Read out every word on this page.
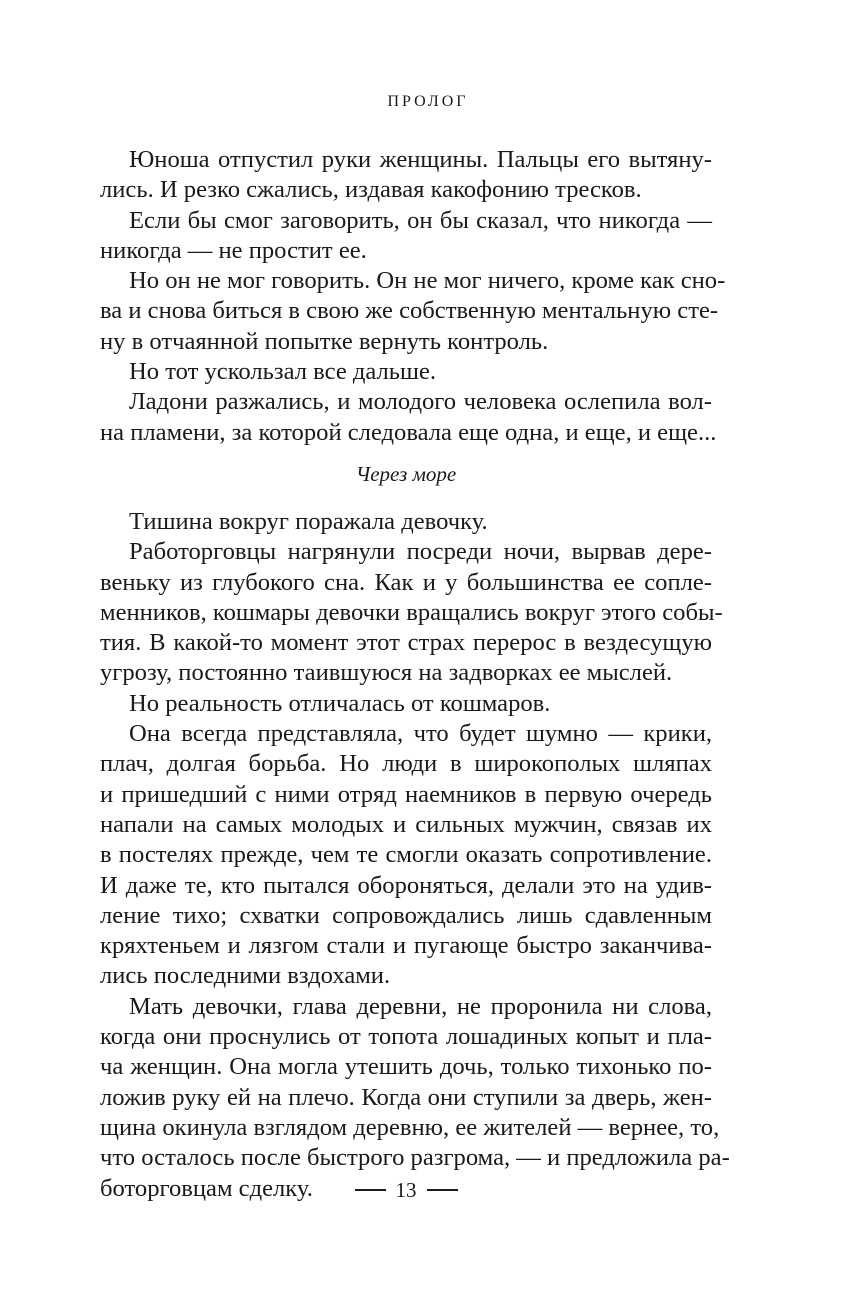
ПРОЛОГ
Юноша отпустил руки женщины. Пальцы его вытяну-
лись. И резко сжались, издавая какофонию тресков.
Если бы смог заговорить, он бы сказал, что никогда —
никогда — не простит ее.
Но он не мог говорить. Он не мог ничего, кроме как сно-
ва и снова биться в свою же собственную ментальную сте-
ну в отчаянной попытке вернуть контроль.
Но тот ускользал все дальше.
Ладони разжались, и молодого человека ослепила вол-
на пламени, за которой следовала еще одна, и еще, и еще...
Через море
Тишина вокруг поражала девочку.
Работорговцы нагрянули посреди ночи, вырвав дере-
веньку из глубокого сна. Как и у большинства ее сопле-
менников, кошмары девочки вращались вокруг этого собы-
тия. В какой-то момент этот страх перерос в вездесущую
угрозу, постоянно таившуюся на задворках ее мыслей.
Но реальность отличалась от кошмаров.
Она всегда представляла, что будет шумно — крики,
плач, долгая борьба. Но люди в широкополых шляпах
и пришедший с ними отряд наемников в первую очередь
напали на самых молодых и сильных мужчин, связав их
в постелях прежде, чем те смогли оказать сопротивление.
И даже те, кто пытался обороняться, делали это на удив-
ление тихо; схватки сопровождались лишь сдавленным
кряхтеньем и лязгом стали и пугающе быстро заканчива-
лись последними вздохами.
Мать девочки, глава деревни, не проронила ни слова,
когда они проснулись от топота лошадиных копыт и пла-
ча женщин. Она могла утешить дочь, только тихонько по-
ложив руку ей на плечо. Когда они ступили за дверь, жен-
щина окинула взглядом деревню, ее жителей — вернее, то,
что осталось после быстрого разгрома, — и предложила ра-
боторговцам сделку.	13
